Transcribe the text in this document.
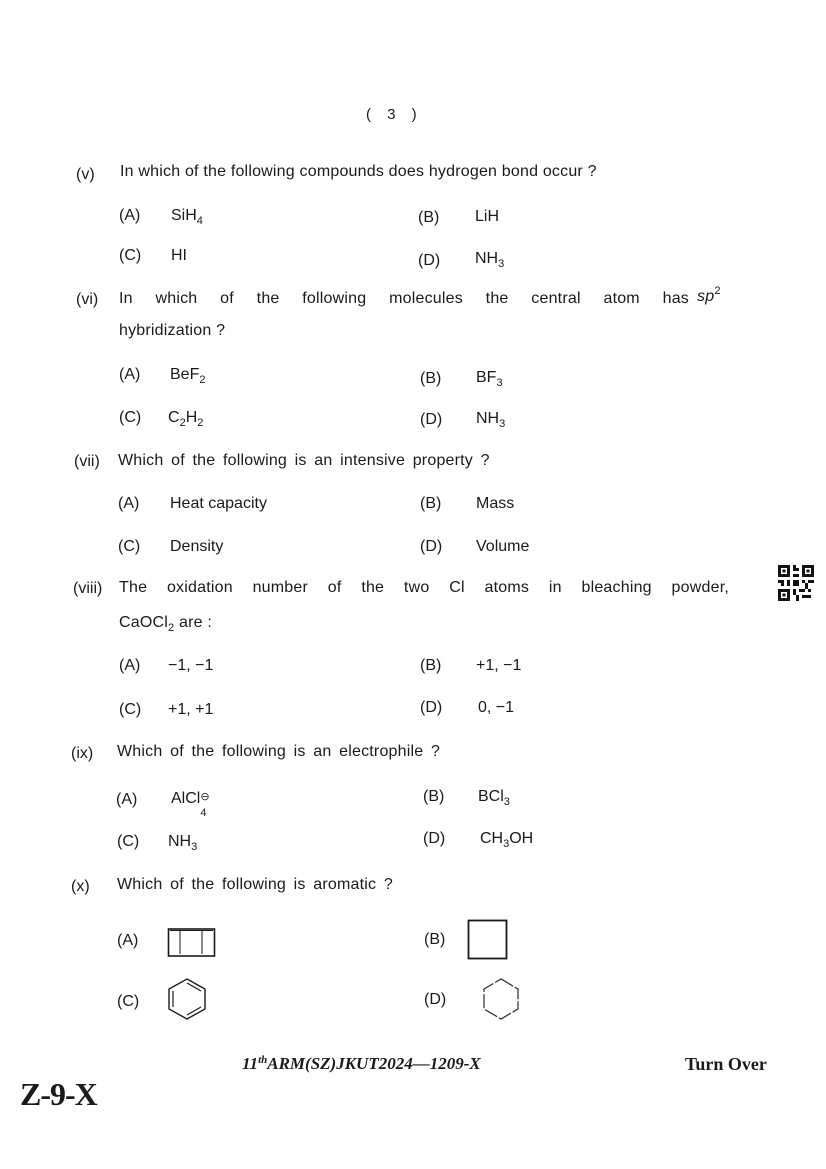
( 3 )
(v) In which of the following compounds does hydrogen bond occur ?
(A) SiH$_4$	(B) LiH
(C) HI	(D) $NH_3$
(vi) In which of the following molecules the central atom has $sp^2$
hybridization ?
(A) BeF$_2$	(B) $BF_3$
(C) $C_2H_2$	(D) $NH_3$
(vii) Which of the following is an intensive property ?
(A) Heat capacity	(B) Mass
(C) Density	(D) Volume
(viii) The oxidation number of the two Cl atoms in bleaching powder,
CaOCl$_2$ are :
(A) −1, −1	(B) +1, −1
(C) +1, +1	(D) 0, −1
(ix) Which of the following is an electrophile ?
(A) AlCl ⊖
4
(B) BCl$_3$
(C) $NH_3$	(D) $CH_3OH$
(x) Which of the following is aromatic ?
(A)	(B)
(C)	(D)
11thARM(SZ)JKUT2024—1209-X	Turn Over
Z-9-X
